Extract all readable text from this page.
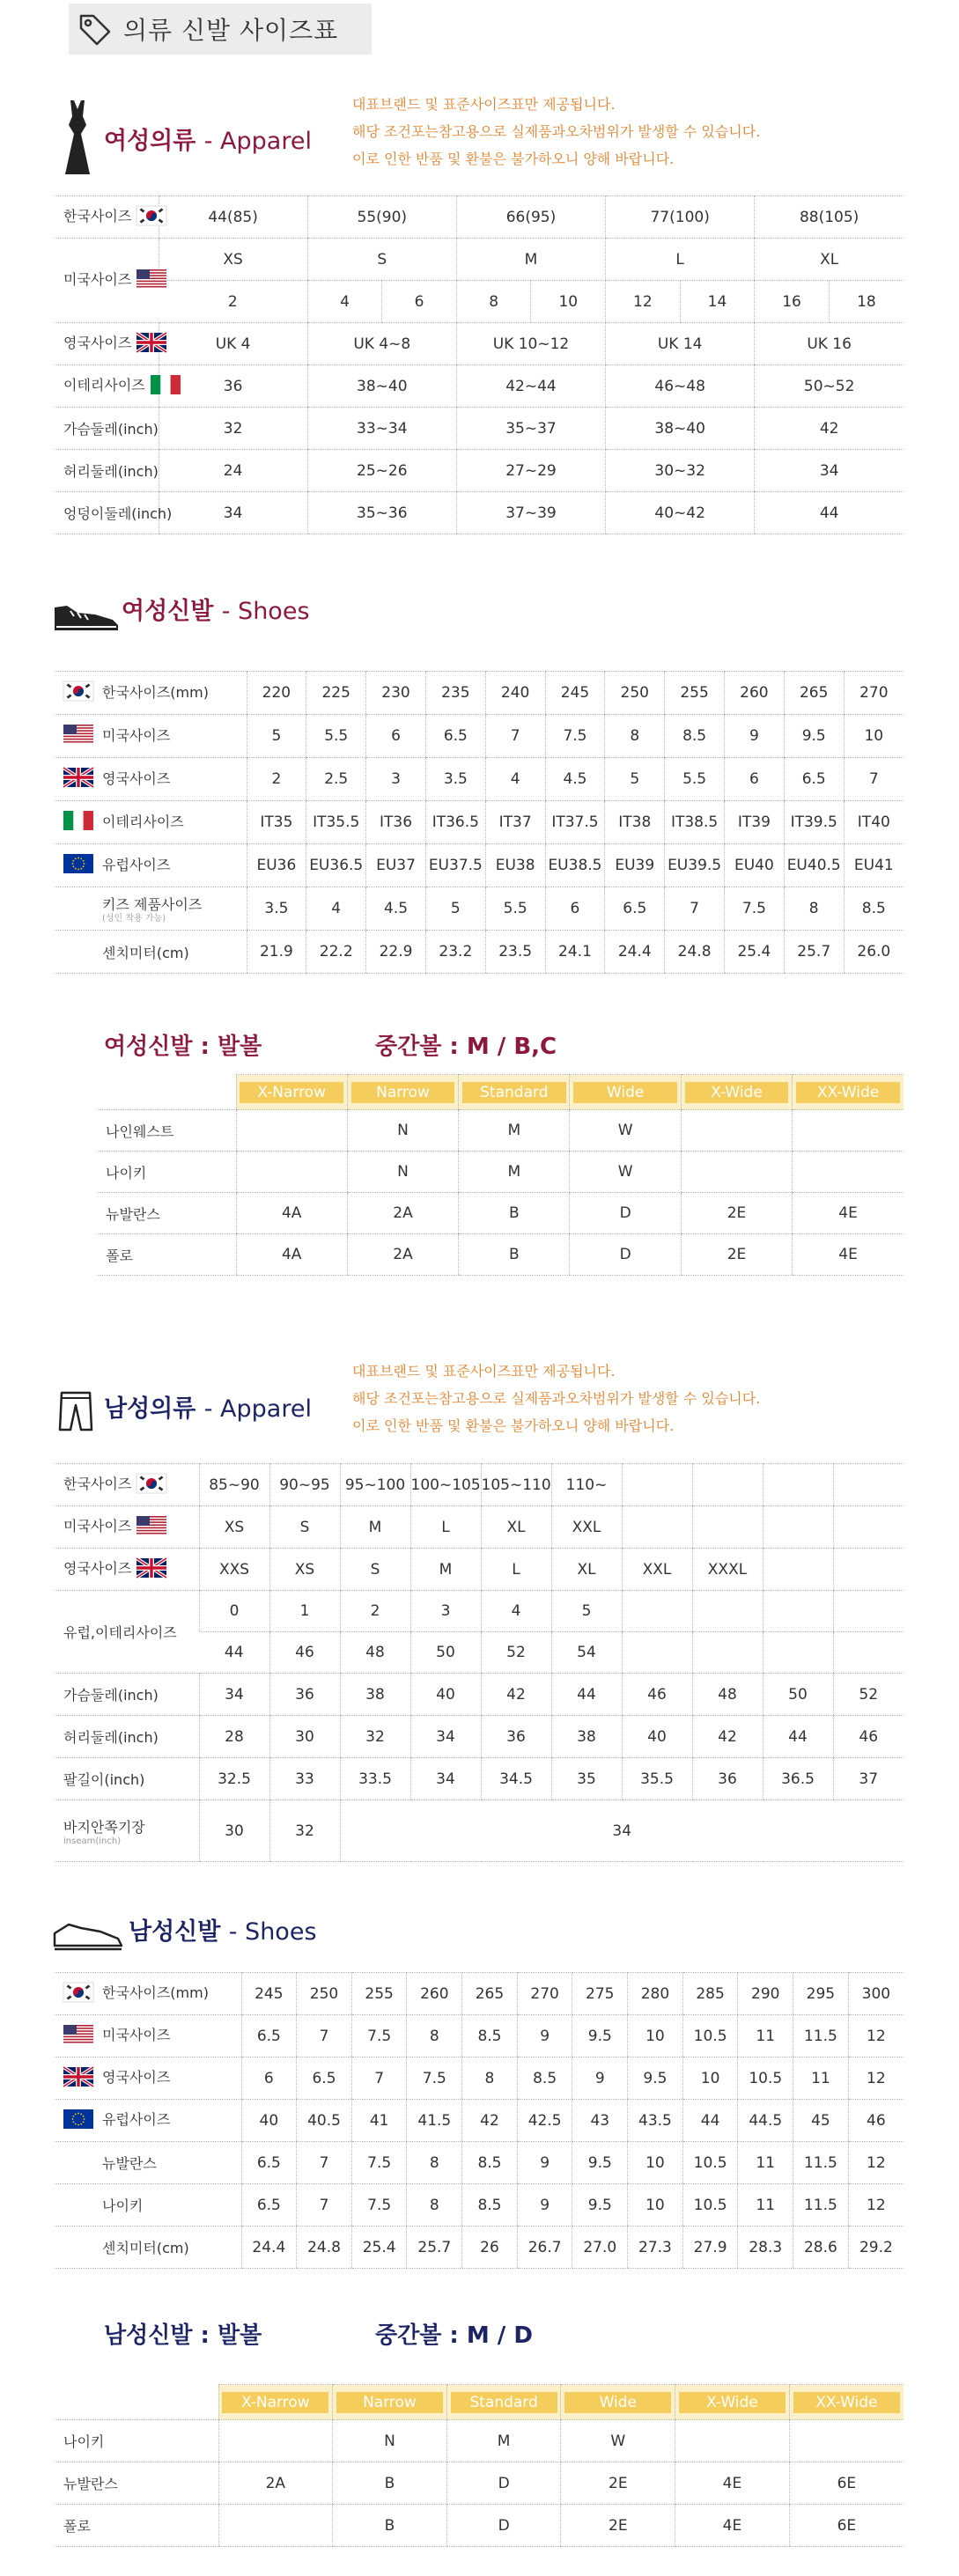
의류 신발 사이즈표
여성의류 - Apparel
대표브랜드 및 표준사이즈표만 제공됩니다.
해당 조건포는참고용으로 실제품과오차범위가 발생할 수 있습니다.
이로 인한 반품 및 환불은 불가하오니 양해 바랍니다.
한국사이즈	44(85)	55(90)		66(95)		77(100)		88(105)	
미국사이즈	XS	S		M		L		XL	
	2	4	6	8	10	12	14	16	18
영국사이즈	UK 4	UK 4~8		UK 10~12		UK 14		UK 16	
이테리사이즈	36	38~40		42~44		46~48		50~52	
가슴둘레(inch)	32	33~34		35~37		38~40		42	
허리둘레(inch)	24	25~26		27~29		30~32		34	
엉덩이둘레(inch)	34	35~36		37~39		40~42		44	
여성신발 - Shoes
한국사이즈(mm)	220	225	230	235	240	245	250	255	260	265	270
미국사이즈	5	5.5	6	6.5	7	7.5	8	8.5	9	9.5	10
영국사이즈	2	2.5	3	3.5	4	4.5	5	5.5	6	6.5	7
이테리사이즈	IT35	IT35.5	IT36	IT36.5	IT37	IT37.5	IT38	IT38.5	IT39	IT39.5	IT40
유럽사이즈	EU36	EU36.5	EU37	EU37.5	EU38	EU38.5	EU39	EU39.5	EU40	EU40.5	EU41
키즈 제품사이즈
(성인 착용 가능)	3.5	4	4.5	5	5.5	6	6.5	7	7.5	8	8.5
센치미터(cm)	21.9	22.2	22.9	23.2	23.5	24.1	24.4	24.8	25.4	25.7	26.0
여성신발 : 발볼	중간볼 : M / B,C

	X-Narrow	Narrow	Standard	Wide	X-Wide	XX-Wide

나인웨스트		N	M	W		
나이키		N	M	W		
뉴발란스	4A	2A	B	D	2E	4E
폴로	4A	2A	B	D	2E	4E
대표브랜드 및 표준사이즈표만 제공됩니다.
해당 조건포는참고용으로 실제품과오차범위가 발생할 수 있습니다.
이로 인한 반품 및 환불은 불가하오니 양해 바랍니다.
남성의류 - Apparel
한국사이즈	85~90	90~95	95~100	100~105	105~110	110~				
미국사이즈	XS	S	M	L	XL	XXL				
영국사이즈	XXS	XS	S	M	L	XL	XXL	XXXL		
유럽,이테리사이즈	0	1	2	3	4	5				
	44	46	48	50	52	54				
가슴둘레(inch)	34	36	38	40	42	44	46	48	50	52
허리둘레(inch)	28	30	32	34	36	38	40	42	44	46
팔길이(inch)	32.5	33	33.5	34	34.5	35	35.5	36	36.5	37
바지안쪽기장
inseam(inch)	30	32	34							
남성신발 - Shoes
한국사이즈(mm)	245	250	255	260	265	270	275	280	285	290	295	300
미국사이즈	6.5	7	7.5	8	8.5	9	9.5	10	10.5	11	11.5	12
영국사이즈	6	6.5	7	7.5	8	8.5	9	9.5	10	10.5	11	12
유럽사이즈	40	40.5	41	41.5	42	42.5	43	43.5	44	44.5	45	46
뉴발란스	6.5	7	7.5	8	8.5	9	9.5	10	10.5	11	11.5	12
나이키	6.5	7	7.5	8	8.5	9	9.5	10	10.5	11	11.5	12
센치미터(cm)	24.4	24.8	25.4	25.7	26	26.7	27.0	27.3	27.9	28.3	28.6	29.2
남성신발 : 발볼	중간볼 : M / D

	X-Narrow	Narrow	Standard	Wide	X-Wide	XX-Wide

나이키		N	M	W		
뉴발란스	2A	B	D	2E	4E	6E
폴로		B	D	2E	4E	6E
